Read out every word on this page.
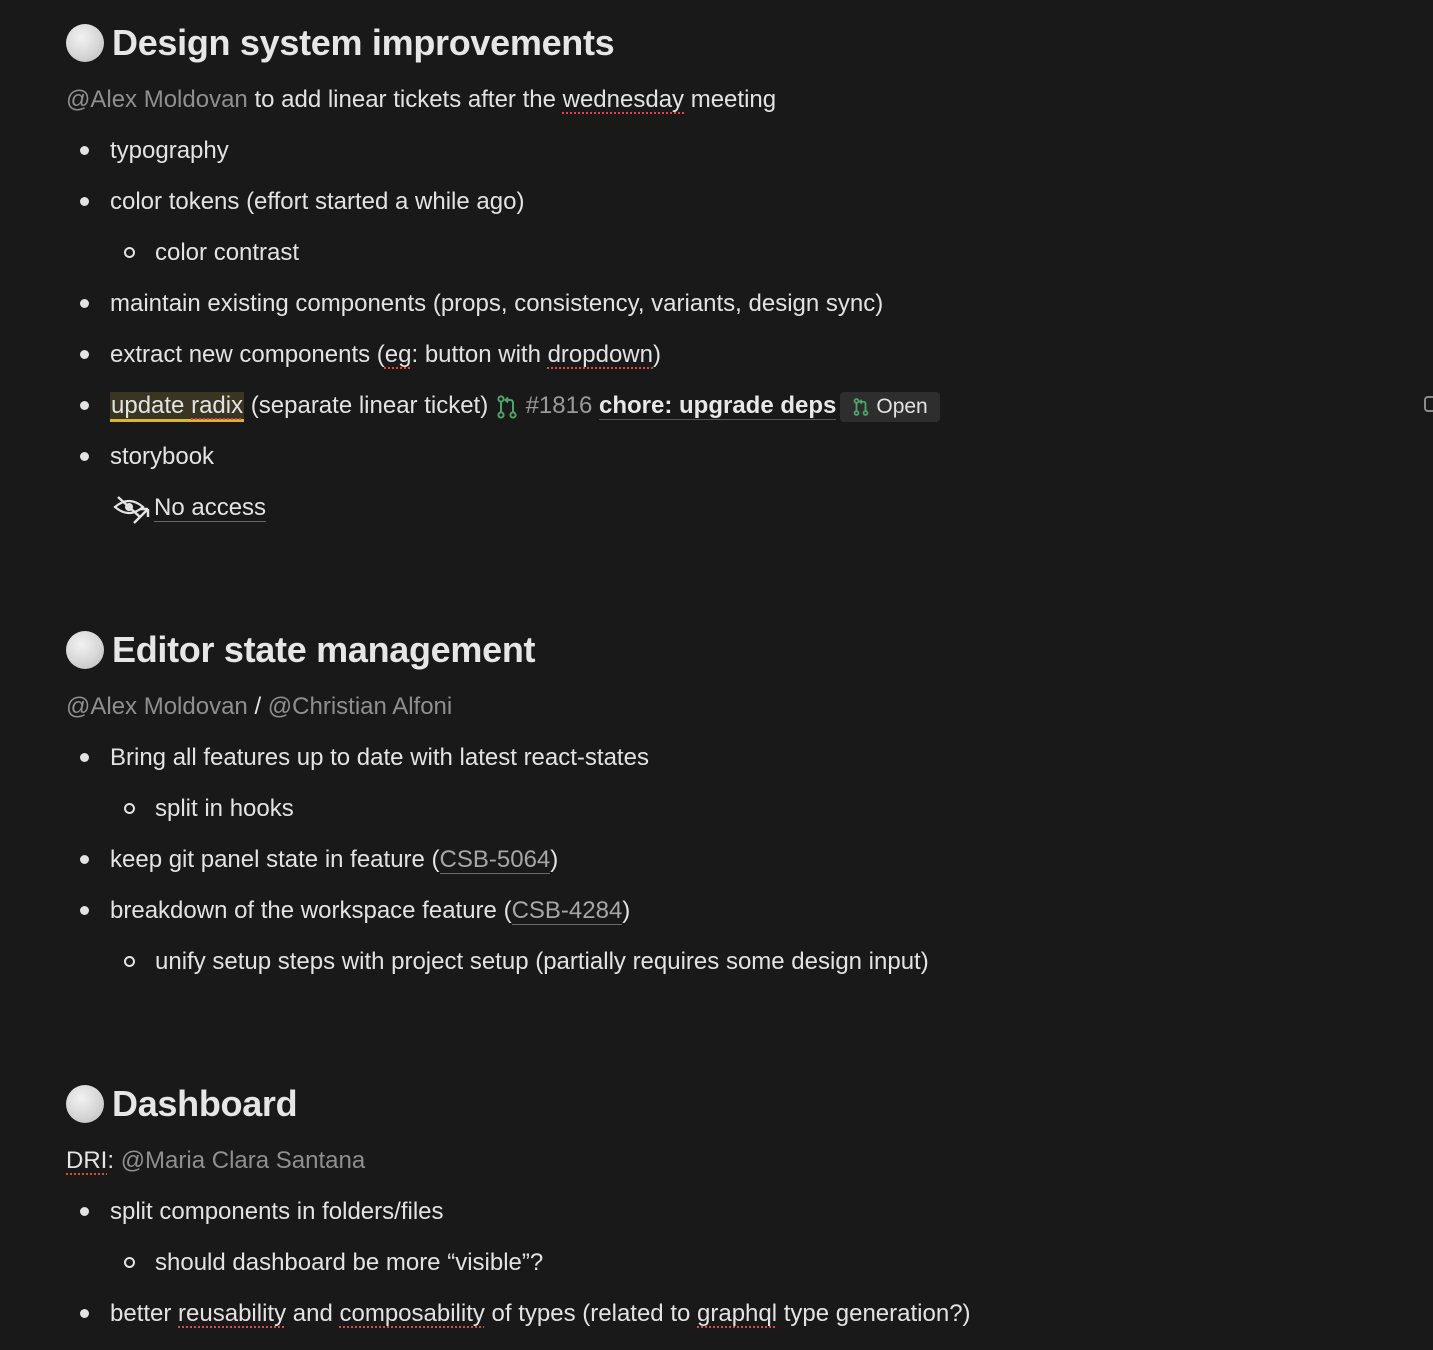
Design system improvements
@Alex Moldovan to add linear tickets after the wednesday meeting
typography
color tokens (effort started a while ago)
color contrast
maintain existing components (props, consistency, variants, design sync)
extract new components (eg: button with dropdown)
update radix (separate linear ticket)  #1816 chore: upgrade deps Open
storybook
No access
Editor state management
@Alex Moldovan / @Christian Alfoni
Bring all features up to date with latest react-states
split in hooks
keep git panel state in feature (CSB-5064)
breakdown of the workspace feature (CSB-4284)
unify setup steps with project setup (partially requires some design input)
Dashboard
DRI: @Maria Clara Santana
split components in folders/files
should dashboard be more “visible”?
better reusability and composability of types (related to graphql type generation?)
